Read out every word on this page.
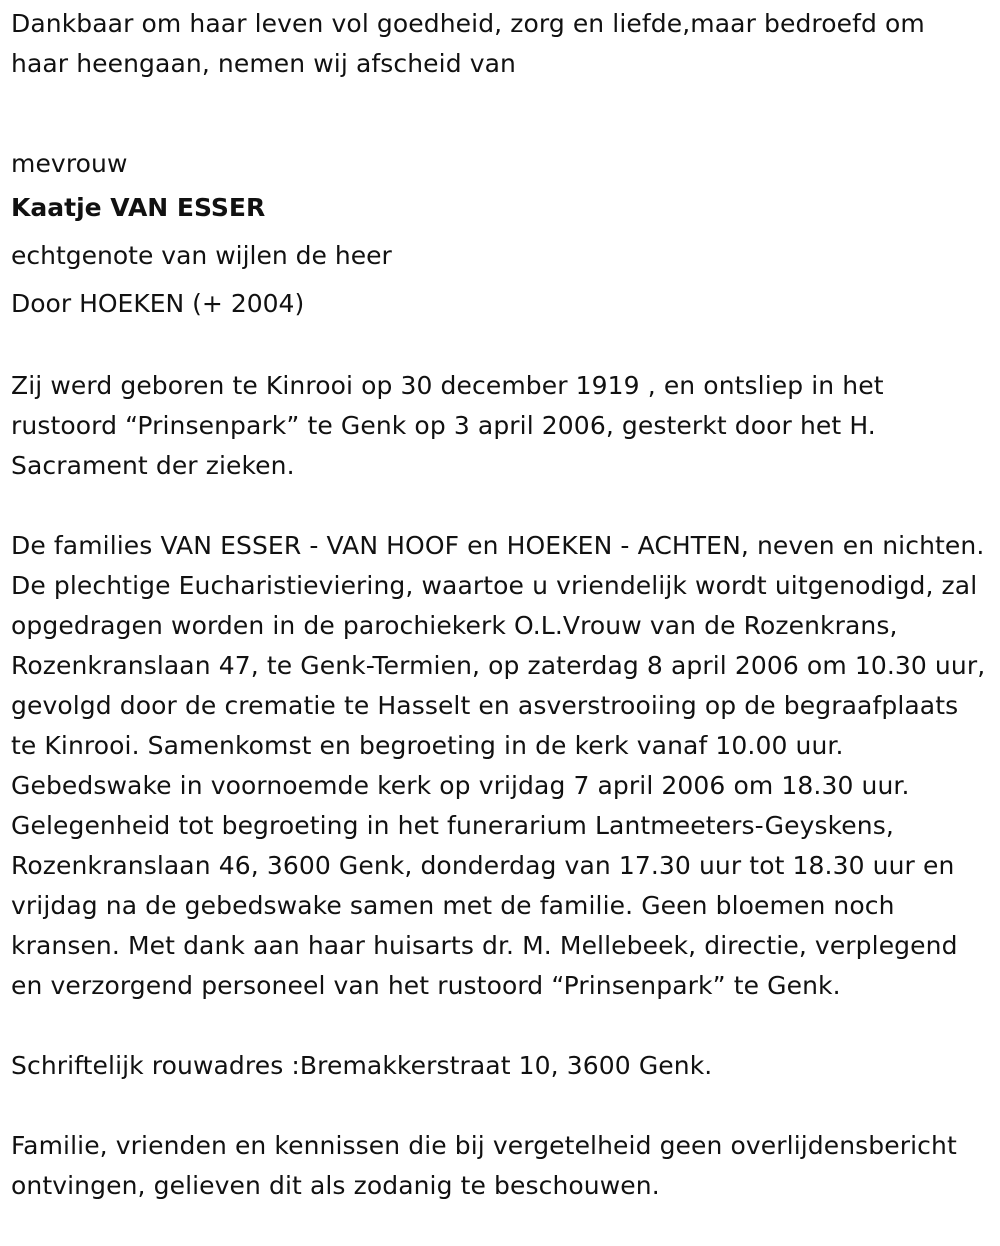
Dankbaar om haar leven vol goedheid, zorg en liefde,maar bedroefd om haar heengaan, nemen wij afscheid van

mevrouw

Kaatje VAN ESSER

echtgenote van wijlen de heer

Door HOEKEN (+ 2004)

Zij werd geboren te Kinrooi op 30 december 1919 , en ontsliep in het rustoord “Prinsenpark” te Genk op 3 april 2006, gesterkt door het H. Sacrament der zieken.

De families VAN ESSER - VAN HOOF en HOEKEN - ACHTEN, neven en nichten. De plechtige Eucharistieviering, waartoe u vriendelijk wordt uitgenodigd, zal opgedragen worden in de parochiekerk O.L.Vrouw van de Rozenkrans, Rozenkranslaan 47, te Genk-Termien, op zaterdag 8 april 2006 om 10.30 uur, gevolgd door de crematie te Hasselt en asverstrooiing op de begraafplaats te Kinrooi. Samenkomst en begroeting in de kerk vanaf 10.00 uur. Gebedswake in voornoemde kerk op vrijdag 7 april 2006 om 18.30 uur. Gelegenheid tot begroeting in het funerarium Lantmeeters-Geyskens, Rozenkranslaan 46, 3600 Genk, donderdag van 17.30 uur tot 18.30 uur en vrijdag na de gebedswake samen met de familie. Geen bloemen noch kransen. Met dank aan haar huisarts dr. M. Mellebeek, directie, verplegend en verzorgend personeel van het rustoord “Prinsenpark” te Genk.

Schriftelijk rouwadres :Bremakkerstraat 10, 3600 Genk.

Familie, vrienden en kennissen die bij vergetelheid geen overlijdensbericht ontvingen, gelieven dit als zodanig te beschouwen.
